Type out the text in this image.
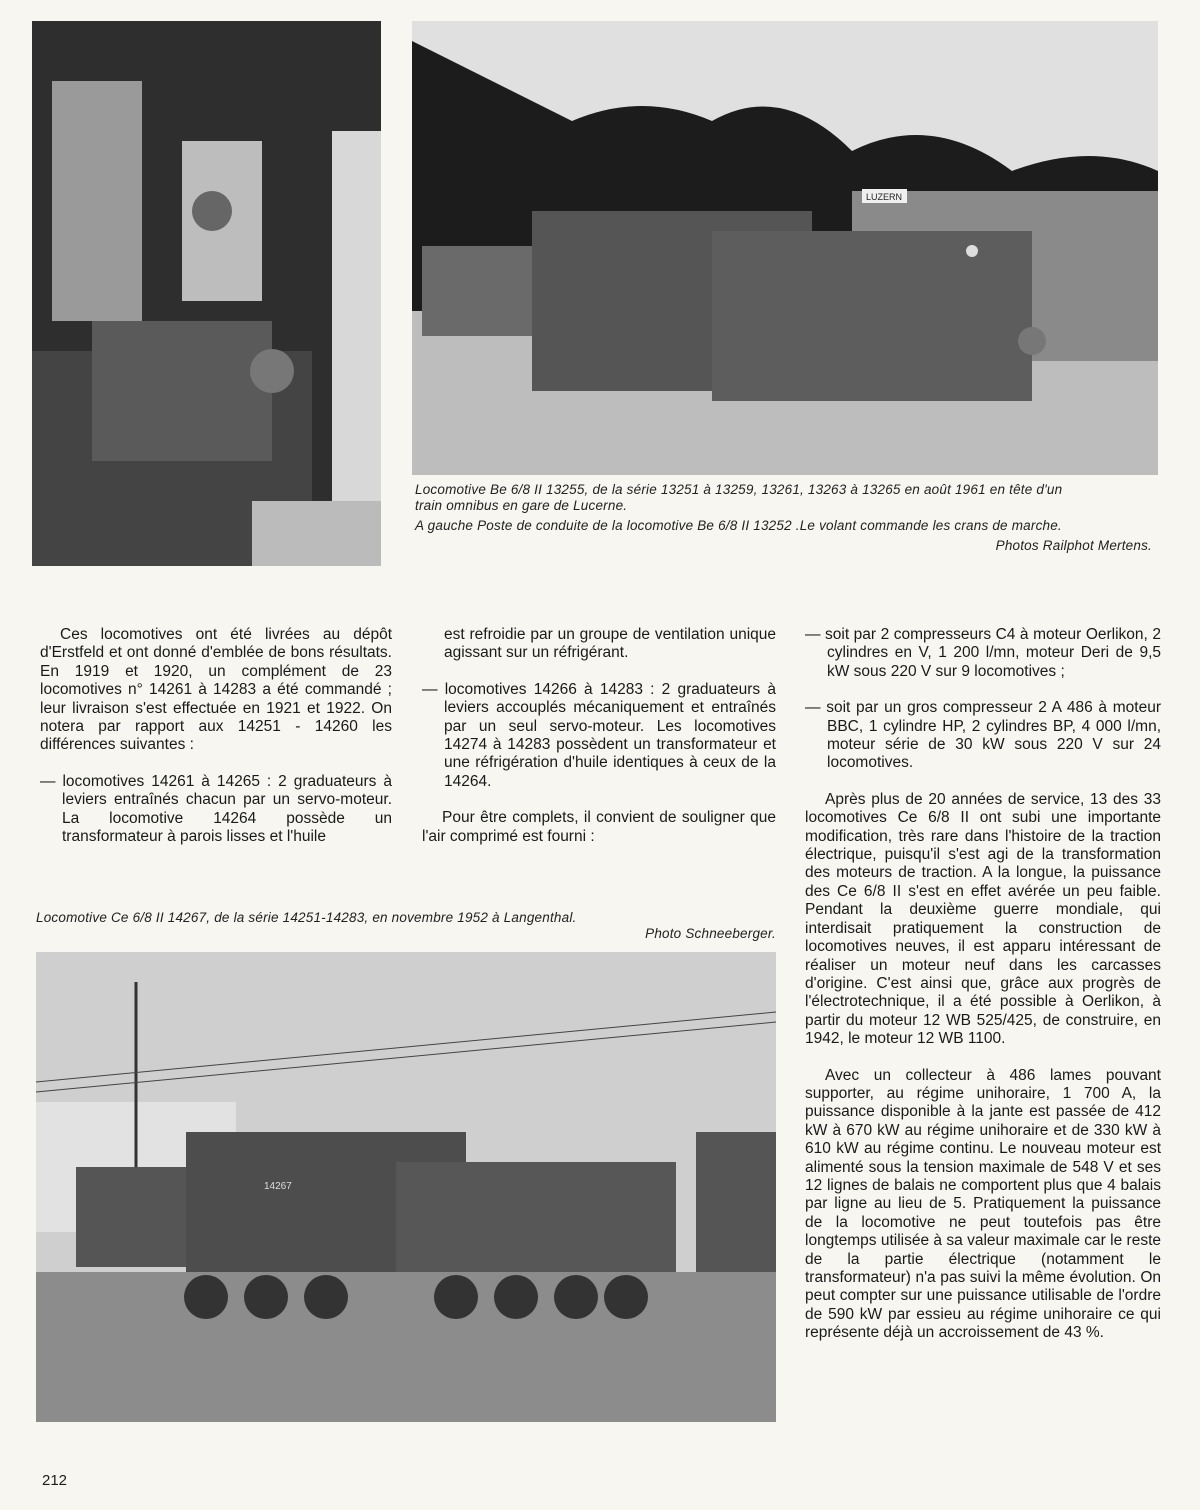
LUZERN
Locomotive Be 6/8 II 13255, de la série 13251 à 13259, 13261, 13263 à 13265 en août 1961 en tête d'un
train omnibus en gare de Lucerne.
A gauche Poste de conduite de la locomotive Be 6/8 II 13252 .Le volant commande les crans de marche.
Photos Railphot Mertens.

Ces locomotives ont été livrées au dépôt d'Erstfeld et ont donné d'emblée de bons résultats. En 1919 et 1920, un complément de 23 locomotives n° 14261 à 14283 a été commandé ; leur livraison s'est effectuée en 1921 et 1922. On notera par rapport aux 14251 - 14260 les différences suivantes :

— locomotives 14261 à 14265 : 2 graduateurs à leviers entraînés chacun par un servo-moteur. La locomotive 14264 possède un transformateur à parois lisses et l'huile

est refroidie par un groupe de ventilation unique agissant sur un réfrigérant.

— locomotives 14266 à 14283 : 2 graduateurs à leviers accouplés mécaniquement et entraînés par un seul servo-moteur. Les locomotives 14274 à 14283 possèdent un transformateur et une réfrigération d'huile identiques à ceux de la 14264.

Pour être complets, il convient de souligner que l'air comprimé est fourni :

— soit par 2 compresseurs C4 à moteur Oerlikon, 2 cylindres en V, 1 200 l/mn, moteur Deri de 9,5 kW sous 220 V sur 9 locomotives ;

— soit par un gros compresseur 2 A 486 à moteur BBC, 1 cylindre HP, 2 cylindres BP, 4 000 l/mn, moteur série de 30 kW sous 220 V sur 24 locomotives.

Après plus de 20 années de service, 13 des 33 locomotives Ce 6/8 II ont subi une importante modification, très rare dans l'histoire de la traction électrique, puisqu'il s'est agi de la transformation des moteurs de traction. A la longue, la puissance des Ce 6/8 II s'est en effet avérée un peu faible. Pendant la deuxième guerre mondiale, qui interdisait pratiquement la construction de locomotives neuves, il est apparu intéressant de réaliser un moteur neuf dans les carcasses d'origine. C'est ainsi que, grâce aux progrès de l'électrotechnique, il a été possible à Oerlikon, à partir du moteur 12 WB 525/425, de construire, en 1942, le moteur 12 WB 1100.

Avec un collecteur à 486 lames pouvant supporter, au régime unihoraire, 1 700 A, la puissance disponible à la jante est passée de 412 kW à 670 kW au régime unihoraire et de 330 kW à 610 kW au régime continu. Le nouveau moteur est alimenté sous la tension maximale de 548 V et ses 12 lignes de balais ne comportent plus que 4 balais par ligne au lieu de 5. Pratiquement la puissance de la locomotive ne peut toutefois pas être longtemps utilisée à sa valeur maximale car le reste de la partie électrique (notamment le transformateur) n'a pas suivi la même évolution. On peut compter sur une puissance utilisable de l'ordre de 590 kW par essieu au régime unihoraire ce qui représente déjà un accroissement de 43 %.

Locomotive Ce 6/8 II 14267, de la série 14251-14283, en novembre 1952 à Langenthal.
Photo Schneeberger.
14267
212
